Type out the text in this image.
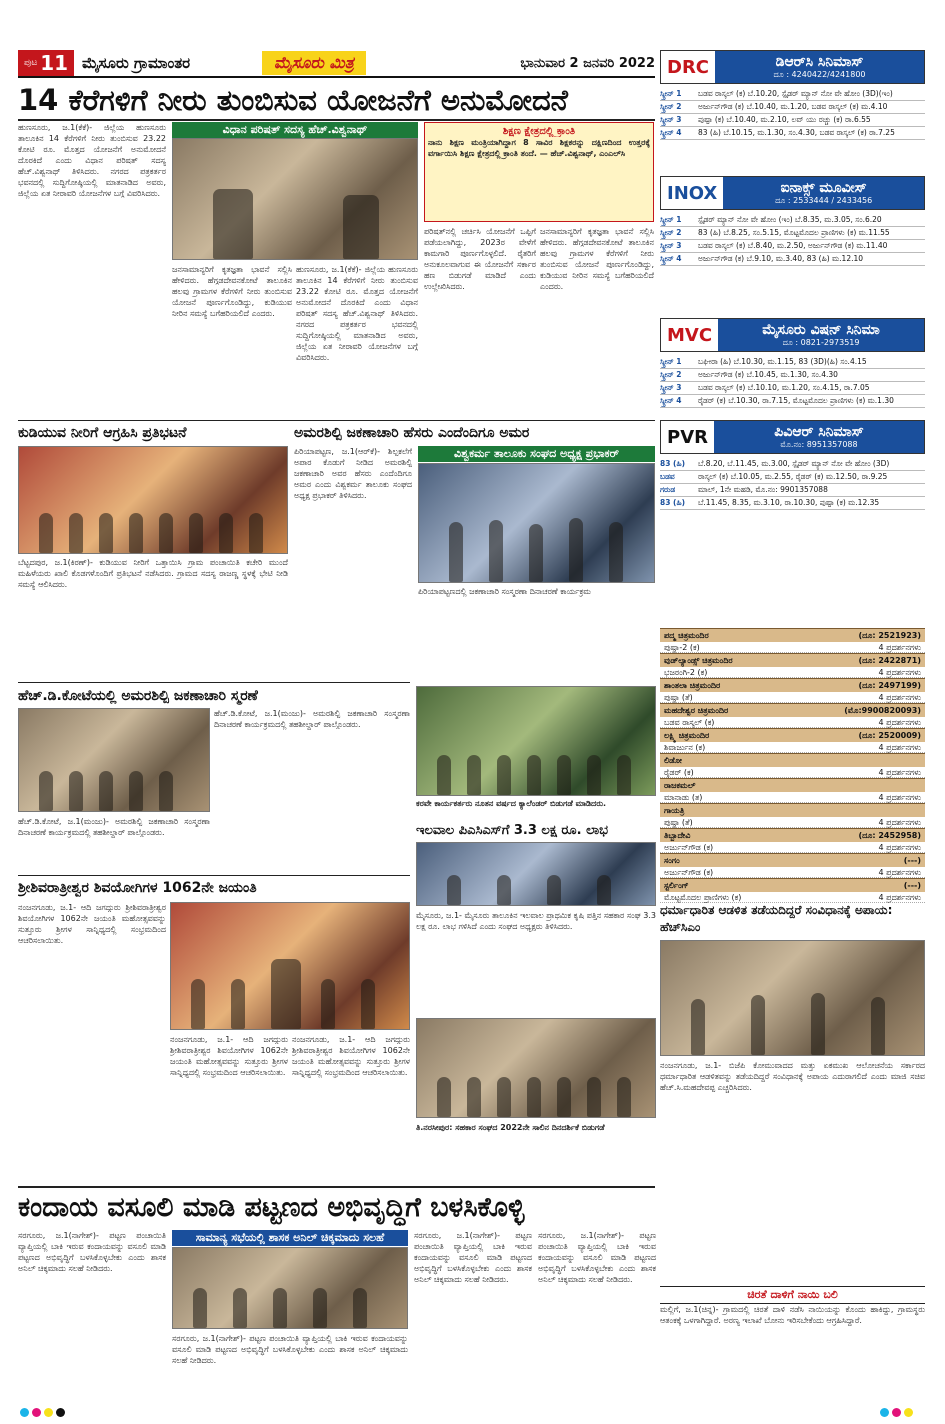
ಪುಟ 11 ಮೈಸೂರು ಗ್ರಾಮಾಂತರ	ಮೈಸೂರು ಮಿತ್ರ	ಭಾನುವಾರ 2 ಜನವರಿ 2022
14 ಕೆರೆಗಳಿಗೆ ನೀರು ತುಂಬಿಸುವ ಯೋಜನೆಗೆ ಅನುಮೋದನೆ
ಹುಣಸೂರು, ಜ.1(ಕೆಕೆ)- ಜಿಲ್ಲೆಯ ಹುಣಸೂರು ತಾಲೂಕಿನ 14 ಕೆರೆಗಳಿಗೆ ನೀರು ತುಂಬಿಸುವ 23.22 ಕೋಟಿ ರೂ. ಮೊತ್ತದ ಯೋಜನೆಗೆ ಅನುಮೋದನೆ ದೊರಕಿದೆ ಎಂದು ವಿಧಾನ ಪರಿಷತ್ ಸದಸ್ಯ ಹೆಚ್.ವಿಶ್ವನಾಥ್ ತಿಳಿಸಿದರು. ನಗರದ ಪತ್ರಕರ್ತರ ಭವನದಲ್ಲಿ ಸುದ್ದಿಗೋಷ್ಠಿಯಲ್ಲಿ ಮಾತನಾಡಿದ ಅವರು, ಜಿಲ್ಲೆಯ ಏತ ನೀರಾವರಿ ಯೋಜನೆಗಳ ಬಗ್ಗೆ ವಿವರಿಸಿದರು.
ವಿಧಾನ ಪರಿಷತ್ ಸದಸ್ಯ ಹೆಚ್.ವಿಶ್ವನಾಥ್	ಶಿಕ್ಷಣ ಕ್ಷೇತ್ರದಲ್ಲಿ ಕ್ರಾಂತಿ
ನಾನು ಶಿಕ್ಷಣ ಮಂತ್ರಿಯಾಗಿದ್ದಾಗ 8 ಸಾವಿರ ಶಿಕ್ಷಕರನ್ನು ದಕ್ಷಿಣದಿಂದ ಉತ್ತರಕ್ಕೆ ವರ್ಗಾಯಿಸಿ ಶಿಕ್ಷಣ ಕ್ಷೇತ್ರದಲ್ಲಿ ಕ್ರಾಂತಿ ತಂದೆ. — ಹೆಚ್.ವಿಶ್ವನಾಥ್, ಎಂಎಲ್‌ಸಿ
ಜನಸಾಮಾನ್ಯರಿಗೆ ಕೃತಜ್ಞತಾ ಭಾವನೆ ಸಲ್ಲಿಸಿ ಹೇಳಿದರು. ಹೆಗ್ಗಡದೇವನಕೋಟೆ ತಾಲೂಕಿನ ಹಲವು ಗ್ರಾಮಗಳ ಕೆರೆಗಳಿಗೆ ನೀರು ತುಂಬಿಸುವ ಯೋಜನೆ ಪೂರ್ಣಗೊಂಡಿದ್ದು, ಕುಡಿಯುವ ನೀರಿನ ಸಮಸ್ಯೆ ಬಗೆಹರಿಯಲಿದೆ ಎಂದರು.
ಹುಣಸೂರು, ಜ.1(ಕೆಕೆ)- ಜಿಲ್ಲೆಯ ಹುಣಸೂರು ತಾಲೂಕಿನ 14 ಕೆರೆಗಳಿಗೆ ನೀರು ತುಂಬಿಸುವ 23.22 ಕೋಟಿ ರೂ. ಮೊತ್ತದ ಯೋಜನೆಗೆ ಅನುಮೋದನೆ ದೊರಕಿದೆ ಎಂದು ವಿಧಾನ ಪರಿಷತ್ ಸದಸ್ಯ ಹೆಚ್.ವಿಶ್ವನಾಥ್ ತಿಳಿಸಿದರು. ನಗರದ ಪತ್ರಕರ್ತರ ಭವನದಲ್ಲಿ ಸುದ್ದಿಗೋಷ್ಠಿಯಲ್ಲಿ ಮಾತನಾಡಿದ ಅವರು, ಜಿಲ್ಲೆಯ ಏತ ನೀರಾವರಿ ಯೋಜನೆಗಳ ಬಗ್ಗೆ ವಿವರಿಸಿದರು.
ಪರಿಷತ್‌ನಲ್ಲಿ ಚರ್ಚಿಸಿ ಯೋಜನೆಗೆ ಒಪ್ಪಿಗೆ ಪಡೆಯಲಾಗಿದ್ದು, 2023ರ ವೇಳೆಗೆ ಕಾಮಗಾರಿ ಪೂರ್ಣಗೊಳ್ಳಲಿದೆ. ರೈತರಿಗೆ ಅನುಕೂಲವಾಗುವ ಈ ಯೋಜನೆಗೆ ಸರ್ಕಾರ ಹಣ ಬಿಡುಗಡೆ ಮಾಡಿದೆ ಎಂದು ಉಲ್ಲೇಖಿಸಿದರು.
ಜನಸಾಮಾನ್ಯರಿಗೆ ಕೃತಜ್ಞತಾ ಭಾವನೆ ಸಲ್ಲಿಸಿ ಹೇಳಿದರು. ಹೆಗ್ಗಡದೇವನಕೋಟೆ ತಾಲೂಕಿನ ಹಲವು ಗ್ರಾಮಗಳ ಕೆರೆಗಳಿಗೆ ನೀರು ತುಂಬಿಸುವ ಯೋಜನೆ ಪೂರ್ಣಗೊಂಡಿದ್ದು, ಕುಡಿಯುವ ನೀರಿನ ಸಮಸ್ಯೆ ಬಗೆಹರಿಯಲಿದೆ ಎಂದರು.
ಕುಡಿಯುವ ನೀರಿಗೆ ಆಗ್ರಹಿಸಿ ಪ್ರತಿಭಟನೆ
ಬೆಟ್ಟದಪುರ, ಜ.1(ಕಿರಣ್)- ಕುಡಿಯುವ ನೀರಿಗೆ ಒತ್ತಾಯಿಸಿ ಗ್ರಾಮ ಪಂಚಾಯಿತಿ ಕಚೇರಿ ಮುಂದೆ ಮಹಿಳೆಯರು ಖಾಲಿ ಕೊಡಗಳೊಂದಿಗೆ ಪ್ರತಿಭಟನೆ ನಡೆಸಿದರು. ಗ್ರಾಮದ ಸದಸ್ಯ ರಾಜಣ್ಣ ಸ್ಥಳಕ್ಕೆ ಭೇಟಿ ನೀಡಿ ಸಮಸ್ಯೆ ಆಲಿಸಿದರು.
ಅಮರಶಿಲ್ಪಿ ಜಕಣಾಚಾರಿ ಹೆಸರು ಎಂದೆಂದಿಗೂ ಅಮರ
ಪಿರಿಯಾಪಟ್ಟಣ, ಜ.1(ಆರ್‌ಕೆ)- ಶಿಲ್ಪಕಲೆಗೆ ಅಪಾರ ಕೊಡುಗೆ ನೀಡಿದ ಅಮರಶಿಲ್ಪಿ ಜಕಣಾಚಾರಿ ಅವರ ಹೆಸರು ಎಂದೆಂದಿಗೂ ಅಮರ ಎಂದು ವಿಶ್ವಕರ್ಮ ತಾಲೂಕು ಸಂಘದ ಅಧ್ಯಕ್ಷ ಪ್ರಭಾಕರ್ ತಿಳಿಸಿದರು.
ವಿಶ್ವಕರ್ಮ ತಾಲೂಕು ಸಂಘದ ಅಧ್ಯಕ್ಷ ಪ್ರಭಾಕರ್
ಪಿರಿಯಾಪಟ್ಟಣದಲ್ಲಿ ಜಕಣಾಚಾರಿ ಸಂಸ್ಮರಣಾ ದಿನಾಚರಣೆ ಕಾರ್ಯಕ್ರಮ
ಹೆಚ್.ಡಿ.ಕೋಟೆಯಲ್ಲಿ ಅಮರಶಿಲ್ಪಿ ಜಕಣಾಚಾರಿ ಸ್ಮರಣೆ
ಹೆಚ್.ಡಿ.ಕೋಟೆ, ಜ.1(ಮಂಜು)- ಅಮರಶಿಲ್ಪಿ ಜಕಣಾಚಾರಿ ಸಂಸ್ಮರಣಾ ದಿನಾಚರಣೆ ಕಾರ್ಯಕ್ರಮದಲ್ಲಿ ತಹಶೀಲ್ದಾರ್ ಪಾಲ್ಗೊಂಡರು.
ಹೆಚ್.ಡಿ.ಕೋಟೆ, ಜ.1(ಮಂಜು)- ಅಮರಶಿಲ್ಪಿ ಜಕಣಾಚಾರಿ ಸಂಸ್ಮರಣಾ ದಿನಾಚರಣೆ ಕಾರ್ಯಕ್ರಮದಲ್ಲಿ ತಹಶೀಲ್ದಾರ್ ಪಾಲ್ಗೊಂಡರು.
ಶ್ರೀಶಿವರಾತ್ರೀಶ್ವರ ಶಿವಯೋಗಿಗಳ 1062ನೇ ಜಯಂತಿ
ನಂಜನಗೂಡು, ಜ.1- ಆದಿ ಜಗದ್ಗುರು ಶ್ರೀಶಿವರಾತ್ರೀಶ್ವರ ಶಿವಯೋಗಿಗಳ 1062ನೇ ಜಯಂತಿ ಮಹೋತ್ಸವವನ್ನು ಸುತ್ತೂರು ಶ್ರೀಗಳ ಸಾನ್ನಿಧ್ಯದಲ್ಲಿ ಸಂಭ್ರಮದಿಂದ ಆಚರಿಸಲಾಯಿತು.
ನಂಜನಗೂಡು, ಜ.1- ಆದಿ ಜಗದ್ಗುರು ಶ್ರೀಶಿವರಾತ್ರೀಶ್ವರ ಶಿವಯೋಗಿಗಳ 1062ನೇ ಜಯಂತಿ ಮಹೋತ್ಸವವನ್ನು ಸುತ್ತೂರು ಶ್ರೀಗಳ ಸಾನ್ನಿಧ್ಯದಲ್ಲಿ ಸಂಭ್ರಮದಿಂದ ಆಚರಿಸಲಾಯಿತು.
ನಂಜನಗೂಡು, ಜ.1- ಆದಿ ಜಗದ್ಗುರು ಶ್ರೀಶಿವರಾತ್ರೀಶ್ವರ ಶಿವಯೋಗಿಗಳ 1062ನೇ ಜಯಂತಿ ಮಹೋತ್ಸವವನ್ನು ಸುತ್ತೂರು ಶ್ರೀಗಳ ಸಾನ್ನಿಧ್ಯದಲ್ಲಿ ಸಂಭ್ರಮದಿಂದ ಆಚರಿಸಲಾಯಿತು.
ಕರವೇ ಕಾರ್ಯಕರ್ತರು ನೂತನ ವರ್ಷದ ಕ್ಯಾಲೆಂಡರ್ ಬಿಡುಗಡೆ ಮಾಡಿದರು.
ಇಲವಾಲ ಪಿಎಸಿಎಸ್‌ಗೆ 3.3 ಲಕ್ಷ ರೂ. ಲಾಭ
ಮೈಸೂರು, ಜ.1- ಮೈಸೂರು ತಾಲೂಕಿನ ಇಲವಾಲ ಪ್ರಾಥಮಿಕ ಕೃಷಿ ಪತ್ತಿನ ಸಹಕಾರ ಸಂಘ 3.3 ಲಕ್ಷ ರೂ. ಲಾಭ ಗಳಿಸಿದೆ ಎಂದು ಸಂಘದ ಅಧ್ಯಕ್ಷರು ತಿಳಿಸಿದರು.
ತಿ.ನರಸೀಪುರ: ಸಹಕಾರ ಸಂಘದ 2022ನೇ ಸಾಲಿನ ದಿನದರ್ಶಿಕೆ ಬಿಡುಗಡೆ
ಕಂದಾಯ ವಸೂಲಿ ಮಾಡಿ ಪಟ್ಟಣದ ಅಭಿವೃದ್ಧಿಗೆ ಬಳಸಿಕೊಳ್ಳಿ
ಸರಗೂರು, ಜ.1(ನಾಗೇಶ್)- ಪಟ್ಟಣ ಪಂಚಾಯಿತಿ ವ್ಯಾಪ್ತಿಯಲ್ಲಿ ಬಾಕಿ ಇರುವ ಕಂದಾಯವನ್ನು ವಸೂಲಿ ಮಾಡಿ ಪಟ್ಟಣದ ಅಭಿವೃದ್ಧಿಗೆ ಬಳಸಿಕೊಳ್ಳಬೇಕು ಎಂದು ಶಾಸಕ ಅನಿಲ್ ಚಿಕ್ಕಮಾದು ಸಲಹೆ ನೀಡಿದರು.
ಸಾಮಾನ್ಯ ಸಭೆಯಲ್ಲಿ ಶಾಸಕ ಅನಿಲ್ ಚಿಕ್ಕಮಾದು ಸಲಹೆ
ಸರಗೂರು, ಜ.1(ನಾಗೇಶ್)- ಪಟ್ಟಣ ಪಂಚಾಯಿತಿ ವ್ಯಾಪ್ತಿಯಲ್ಲಿ ಬಾಕಿ ಇರುವ ಕಂದಾಯವನ್ನು ವಸೂಲಿ ಮಾಡಿ ಪಟ್ಟಣದ ಅಭಿವೃದ್ಧಿಗೆ ಬಳಸಿಕೊಳ್ಳಬೇಕು ಎಂದು ಶಾಸಕ ಅನಿಲ್ ಚಿಕ್ಕಮಾದು ಸಲಹೆ ನೀಡಿದರು.
ಸರಗೂರು, ಜ.1(ನಾಗೇಶ್)- ಪಟ್ಟಣ ಪಂಚಾಯಿತಿ ವ್ಯಾಪ್ತಿಯಲ್ಲಿ ಬಾಕಿ ಇರುವ ಕಂದಾಯವನ್ನು ವಸೂಲಿ ಮಾಡಿ ಪಟ್ಟಣದ ಅಭಿವೃದ್ಧಿಗೆ ಬಳಸಿಕೊಳ್ಳಬೇಕು ಎಂದು ಶಾಸಕ ಅನಿಲ್ ಚಿಕ್ಕಮಾದು ಸಲಹೆ ನೀಡಿದರು.
ಸರಗೂರು, ಜ.1(ನಾಗೇಶ್)- ಪಟ್ಟಣ ಪಂಚಾಯಿತಿ ವ್ಯಾಪ್ತಿಯಲ್ಲಿ ಬಾಕಿ ಇರುವ ಕಂದಾಯವನ್ನು ವಸೂಲಿ ಮಾಡಿ ಪಟ್ಟಣದ ಅಭಿವೃದ್ಧಿಗೆ ಬಳಸಿಕೊಳ್ಳಬೇಕು ಎಂದು ಶಾಸಕ ಅನಿಲ್ ಚಿಕ್ಕಮಾದು ಸಲಹೆ ನೀಡಿದರು.
DRC	ಡಿಆರ್‌ಸಿ ಸಿನಿಮಾಸ್
ದೂ : 4240422/4241800
ಸ್ಕ್ರೀನ್ 1	ಬಡವ ರಾಸ್ಕಲ್ (ಕ) ಬೆ.10.20, ಸ್ಪೈಡರ್ ಮ್ಯಾನ್ ನೋ ವೇ ಹೋಂ (3D)(ಇಂ)
ಸ್ಕ್ರೀನ್ 2	ಅರ್ಜುನ್‌ಗೌಡ (ಕ) ಬೆ.10.40, ಮ.1.20, ಬಡವ ರಾಸ್ಕಲ್ (ಕ) ಮ.4.10
ಸ್ಕ್ರೀನ್ 3	ಪುಷ್ಪಾ (ಕ) ಬೆ.10.40, ಮ.2.10, ಲವ್ ಯು ರಚ್ಚು (ಕ) ರಾ.6.55
ಸ್ಕ್ರೀನ್ 4	83 (ಹಿ) ಬೆ.10.15, ಮ.1.30, ಸಂ.4.30, ಬಡವ ರಾಸ್ಕಲ್ (ಕ) ರಾ.7.25
INOX	ಐನಾಕ್ಸ್ ಮೂವೀಸ್
ದೂ : 2533444 / 2433456
ಸ್ಕ್ರೀನ್ 1	ಸ್ಪೈಡರ್ ಮ್ಯಾನ್ ನೋ ವೇ ಹೋಂ (ಇಂ) ಬೆ.8.35, ಮ.3.05, ಸಂ.6.20
ಸ್ಕ್ರೀನ್ 2	83 (ಹಿ) ಬೆ.8.25, ಸಂ.5.15, ಮೊಟ್ಟಮೊದಲ ಪ್ರಾಣಿಗಳು (ಕ) ಮ.11.55
ಸ್ಕ್ರೀನ್ 3	ಬಡವ ರಾಸ್ಕಲ್ (ಕ) ಬೆ.8.40, ಮ.2.50, ಅರ್ಜುನ್‌ಗೌಡ (ಕ) ಮ.11.40
ಸ್ಕ್ರೀನ್ 4	ಅರ್ಜುನ್‌ಗೌಡ (ಕ) ಬೆ.9.10, ಮ.3.40, 83 (ಹಿ) ಮ.12.10
MVC	ಮೈಸೂರು ವಿಷನ್ ಸಿನಿಮಾ
ದೂ : 0821-2973519
ಸ್ಕ್ರೀನ್ 1	ಬಘೀರಾ (ಹಿ) ಬೆ.10.30, ಮ.1.15, 83 (3D)(ಹಿ) ಸಂ.4.15
ಸ್ಕ್ರೀನ್ 2	ಅರ್ಜುನ್‌ಗೌಡ (ಕ) ಬೆ.10.45, ಮ.1.30, ಸಂ.4.30
ಸ್ಕ್ರೀನ್ 3	ಬಡವ ರಾಸ್ಕಲ್ (ಕ) ಬೆ.10.10, ಮ.1.20, ಸಂ.4.15, ರಾ.7.05
ಸ್ಕ್ರೀನ್ 4	ರೈಡರ್ (ಕ) ಬೆ.10.30, ರಾ.7.15, ಮೊಟ್ಟಮೊದಲ ಪ್ರಾಣಿಗಳು (ಕ) ಮ.1.30
PVR	ಪಿವಿಆರ್ ಸಿನಿಮಾಸ್
ಮೊ.ನಂ: 8951357088
83 (ಹಿ)	ಬೆ.8.20, ಬೆ.11.45, ಮ.3.00, ಸ್ಪೈಡರ್ ಮ್ಯಾನ್ ನೋ ವೇ ಹೋಂ (3D)
ಬಡವ	ರಾಸ್ಕಲ್ (ಕ) ಬೆ.10.05, ಮ.2.55, ರೈಡರ್ (ಕ) ಮ.12.50, ರಾ.9.25
ಗರುಡ	ಮಾಲ್, 1ನೇ ಮಹಡಿ, ಮೊ.ನಂ: 9901357088
83 (ಹಿ)	ಬೆ.11.45, 8.35, ಮ.3.10, ರಾ.10.30, ಪುಷ್ಪಾ (ಕ) ಮ.12.35
ಪದ್ಮ ಚಿತ್ರಮಂದಿರ	(ದೂ: 2521923)
ಪುಷ್ಪಾ-2 (ಕ)	4 ಪ್ರದರ್ಶನಗಳು
ವುಡ್‌ಲ್ಯಾಂಡ್ಸ್ ಚಿತ್ರಮಂದಿರ	(ದೂ: 2422871)
ಭಜರಂಗಿ-2 (ಕ)	4 ಪ್ರದರ್ಶನಗಳು
ಶಾಂತಲಾ ಚಿತ್ರಮಂದಿರ	(ದೂ: 2497199)
ಪುಷ್ಪಾ (ತೆ)	4 ಪ್ರದರ್ಶನಗಳು
ಮಹದೇಶ್ವರ ಚಿತ್ರಮಂದಿರ	(ಮೊ:9900820093)
ಬಡವ ರಾಸ್ಕಲ್ (ಕ)	4 ಪ್ರದರ್ಶನಗಳು
ಲಕ್ಷ್ಮಿ ಚಿತ್ರಮಂದಿರ	(ದೂ: 2520009)
ಶಿವಾರ್ಜುನ (ಕ)	4 ಪ್ರದರ್ಶನಗಳು
ಲಿಡೋ
ರೈಡರ್ (ಕ)	4 ಪ್ರದರ್ಶನಗಳು
ರಾಜಕಮಲ್
ಮಾನಾಡು (ತ)	4 ಪ್ರದರ್ಶನಗಳು
ಗಾಯತ್ರಿ
ಪುಷ್ಪಾ (ತೆ)	4 ಪ್ರದರ್ಶನಗಳು
ತಿಬ್ಬಾದೇವಿ	(ದೂ: 2452958)
ಅರ್ಜುನ್‌ಗೌಡ (ಕ)	4 ಪ್ರದರ್ಶನಗಳು
ಸಂಗಂ	(---)
ಅರ್ಜುನ್‌ಗೌಡ (ಕ)	4 ಪ್ರದರ್ಶನಗಳು
ಸ್ಟರ್ಲಿಂಗ್	(---)
ಮೊಟ್ಟಮೊದಲ ಪ್ರಾಣಿಗಳು (ಕ)	4 ಪ್ರದರ್ಶನಗಳು
ಧರ್ಮಾಧಾರಿತ ಆಡಳಿತ ತಡೆಯದಿದ್ದರೆ ಸಂವಿಧಾನಕ್ಕೆ ಅಪಾಯ: ಹೆಚ್‌ಸಿಎಂ
ನಂಜನಗೂಡು, ಜ.1- ಬಿಜೆಪಿ ಕೋಮುವಾದದ ಮತ್ತು ಏಕಮುಖ ಆಲೋಚನೆಯ ಸರ್ಕಾರದ ಧರ್ಮಾಧಾರಿತ ಆಡಳಿತವನ್ನು ತಡೆಯದಿದ್ದರೆ ಸಂವಿಧಾನಕ್ಕೆ ಅಪಾಯ ಎದುರಾಗಲಿದೆ ಎಂದು ಮಾಜಿ ಸಚಿವ ಹೆಚ್.ಸಿ.ಮಹದೇವಪ್ಪ ಎಚ್ಚರಿಸಿದರು.
ಚಿರತೆ ದಾಳಿಗೆ ನಾಯಿ ಬಲಿ
ಮಲ್ಲಿಗೆ, ಜ.1(ಚಿನ್ನ)- ಗ್ರಾಮದಲ್ಲಿ ಚಿರತೆ ದಾಳಿ ನಡೆಸಿ ನಾಯಿಯನ್ನು ಕೊಂದು ಹಾಕಿದ್ದು, ಗ್ರಾಮಸ್ಥರು ಆತಂಕಕ್ಕೆ ಒಳಗಾಗಿದ್ದಾರೆ. ಅರಣ್ಯ ಇಲಾಖೆ ಬೋನು ಇರಿಸಬೇಕೆಂದು ಆಗ್ರಹಿಸಿದ್ದಾರೆ.
